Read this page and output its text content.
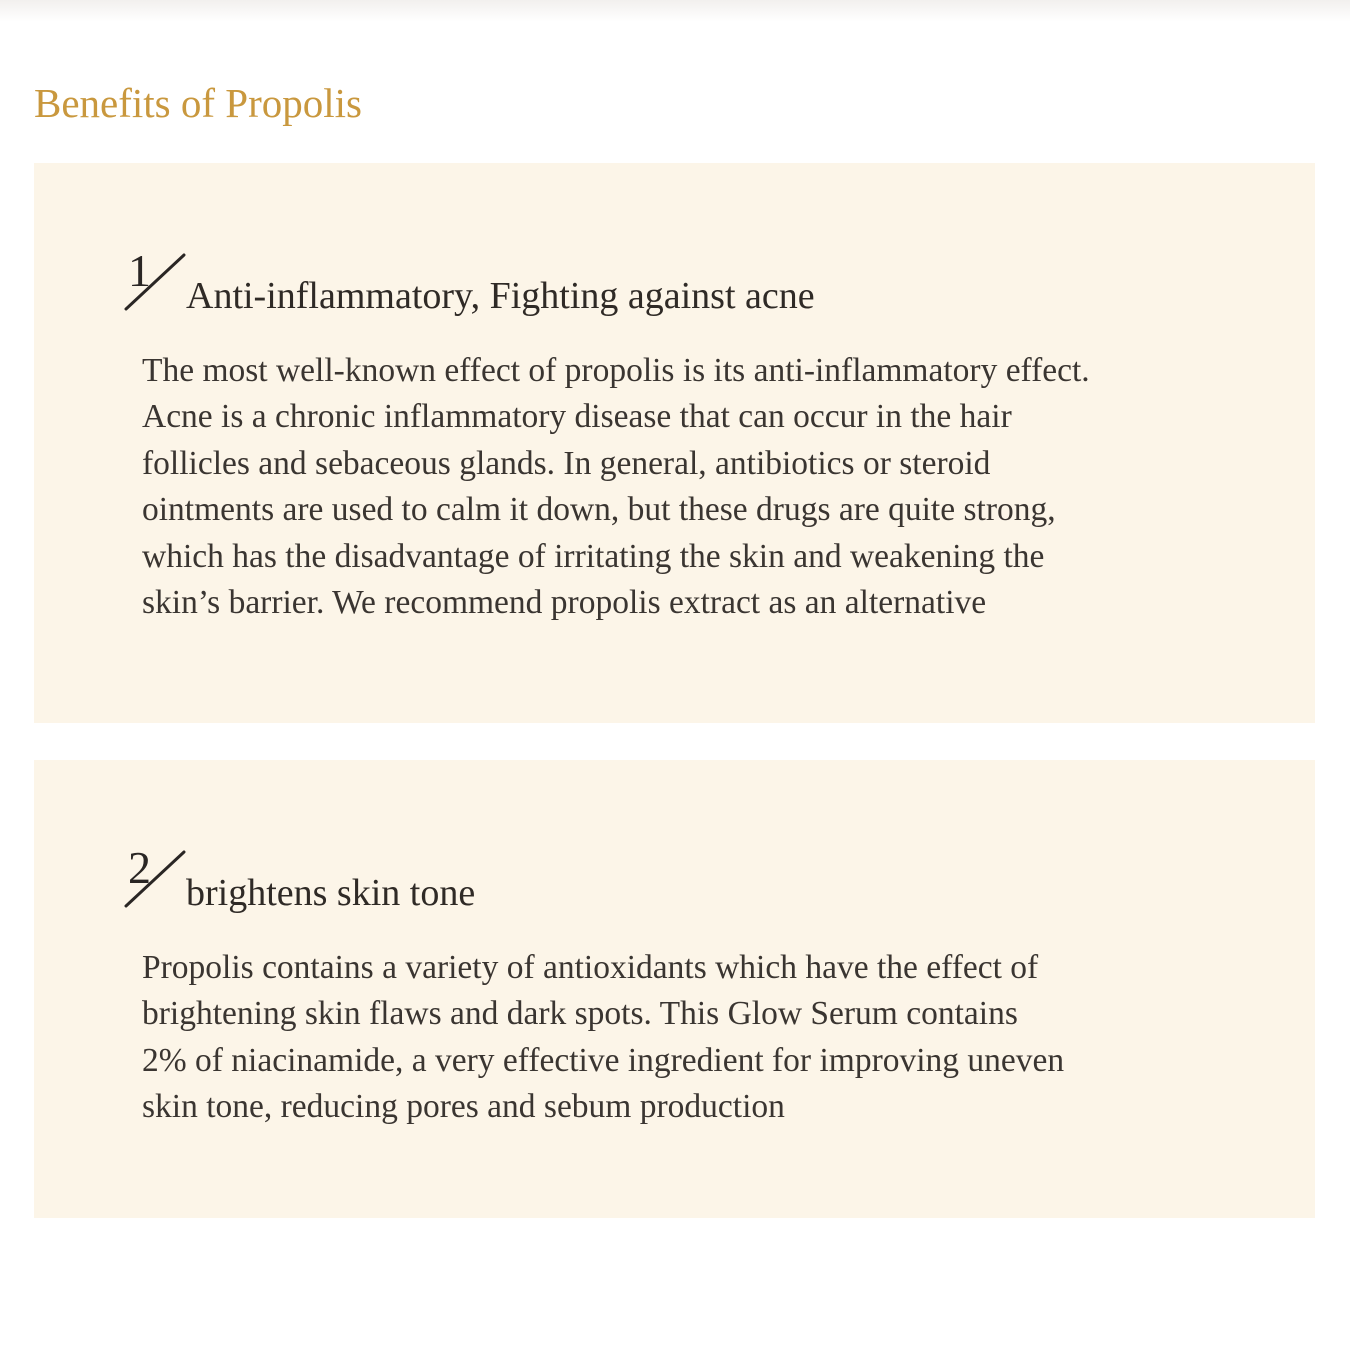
Benefits of Propolis
1 Anti-inflammatory, Fighting against acne

The most well-known effect of propolis is its anti-inflammatory effect.
Acne is a chronic inflammatory disease that can occur in the hair
follicles and sebaceous glands. In general, antibiotics or steroid
ointments are used to calm it down, but these drugs are quite strong,
which has the disadvantage of irritating the skin and weakening the
skin’s barrier. We recommend propolis extract as an alternative

2 brightens skin tone

Propolis contains a variety of antioxidants which have the effect of
brightening skin flaws and dark spots. This Glow Serum contains
2% of niacinamide, a very effective ingredient for improving uneven
skin tone, reducing pores and sebum production
